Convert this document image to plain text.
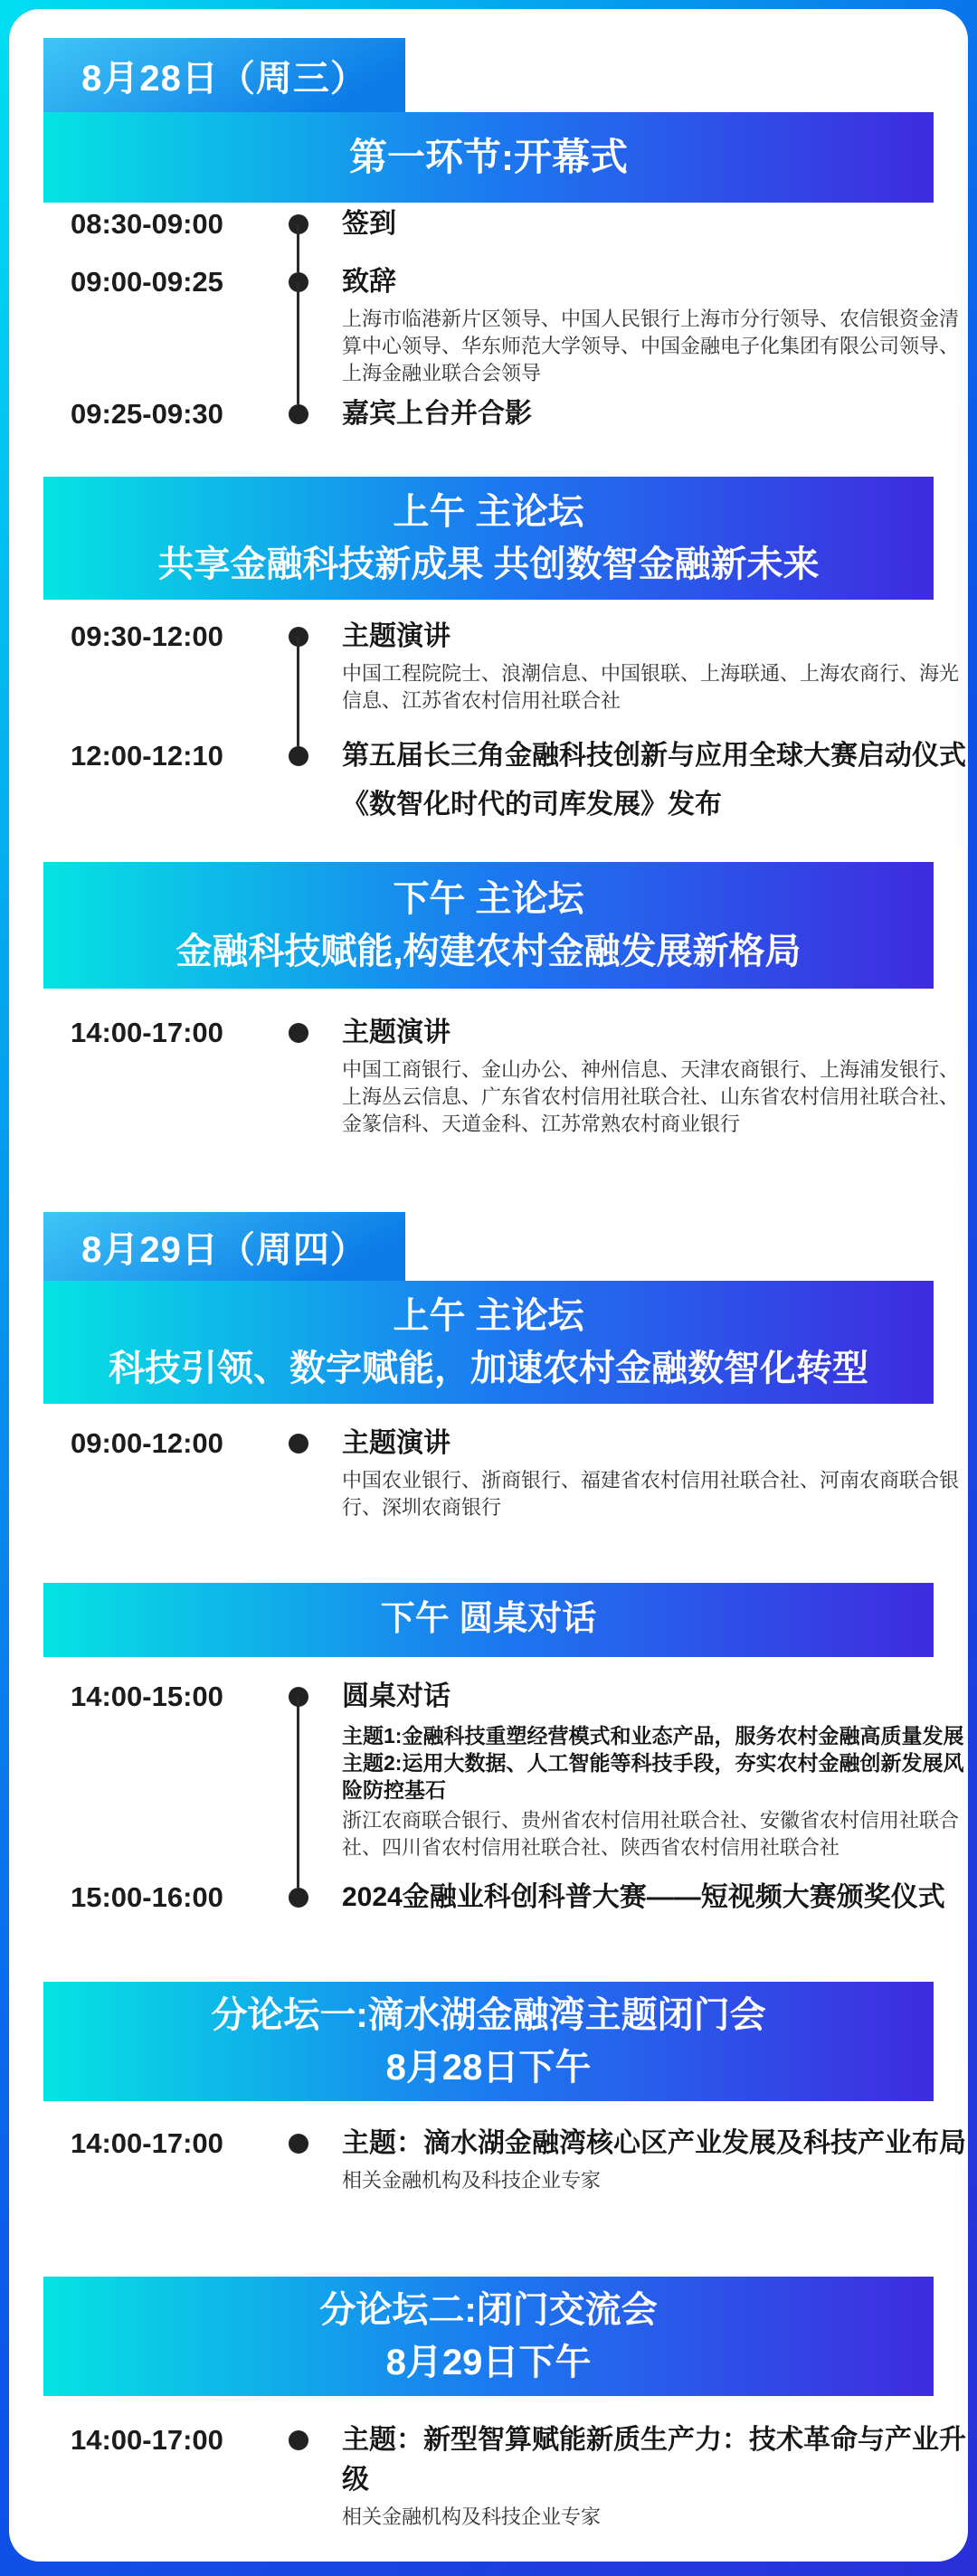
8月28日（周三）
第一环节:开幕式
08:30-09:00	签到
09:00-09:25	致辞
上海市临港新片区领导、中国人民银行上海市分行领导、农信银资金清算中心领导、华东师范大学领导、中国金融电子化集团有限公司领导、上海金融业联合会领导
09:25-09:30	嘉宾上台并合影
上午 主论坛
共享金融科技新成果 共创数智金融新未来
09:30-12:00	主题演讲
中国工程院院士、浪潮信息、中国银联、上海联通、上海农商行、海光信息、江苏省农村信用社联合社
12:00-12:10	第五届长三角金融科技创新与应用全球大赛启动仪式
《数智化时代的司库发展》发布
下午 主论坛
金融科技赋能,构建农村金融发展新格局
14:00-17:00	主题演讲
中国工商银行、金山办公、神州信息、天津农商银行、上海浦发银行、上海丛云信息、广东省农村信用社联合社、山东省农村信用社联合社、金篆信科、天道金科、江苏常熟农村商业银行
8月29日（周四）
上午 主论坛
科技引领、数字赋能，加速农村金融数智化转型
09:00-12:00	主题演讲
中国农业银行、浙商银行、福建省农村信用社联合社、河南农商联合银行、深圳农商银行
下午 圆桌对话
14:00-15:00	圆桌对话
主题1:金融科技重塑经营模式和业态产品，服务农村金融高质量发展
主题2:运用大数据、人工智能等科技手段，夯实农村金融创新发展风险防控基石
浙江农商联合银行、贵州省农村信用社联合社、安徽省农村信用社联合社、四川省农村信用社联合社、陕西省农村信用社联合社
15:00-16:00	2024金融业科创科普大赛——短视频大赛颁奖仪式
分论坛一:滴水湖金融湾主题闭门会
8月28日下午
14:00-17:00	主题：滴水湖金融湾核心区产业发展及科技产业布局
相关金融机构及科技企业专家
分论坛二:闭门交流会
8月29日下午
14:00-17:00	主题：新型智算赋能新质生产力：技术革命与产业升级
相关金融机构及科技企业专家
